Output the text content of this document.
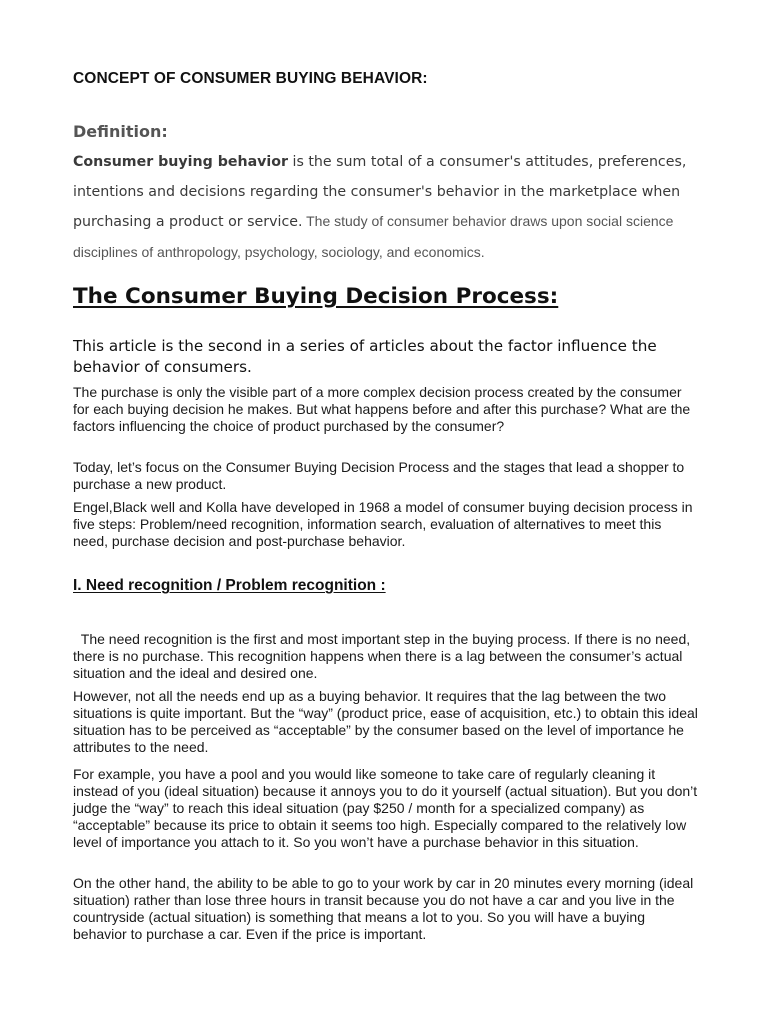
CONCEPT OF CONSUMER BUYING BEHAVIOR:
Definition:

Consumer buying behavior is the sum total of a consumer's attitudes, preferences, intentions and decisions regarding the consumer's behavior in the marketplace when purchasing a product or service. The study of consumer behavior draws upon social science disciplines of anthropology, psychology, sociology, and economics.

The Consumer Buying Decision Process:

This article is the second in a series of articles about the factor influence the behavior of consumers.

The purchase is only the visible part of a more complex decision process created by the consumer for each buying decision he makes. But what happens before and after this purchase? What are the factors influencing the choice of product purchased by the consumer?

Today, let’s focus on the Consumer Buying Decision Process and the stages that lead a shopper to purchase a new product.

Engel,Black well and Kolla have developed in 1968 a model of consumer buying decision process in five steps: Problem/need recognition, information search, evaluation of alternatives to meet this need, purchase decision and post-purchase behavior.

I. Need recognition / Problem recognition :

The need recognition is the first and most important step in the buying process. If there is no need, there is no purchase. This recognition happens when there is a lag between the consumer’s actual situation and the ideal and desired one.

However, not all the needs end up as a buying behavior. It requires that the lag between the two situations is quite important. But the “way” (product price, ease of acquisition, etc.) to obtain this ideal situation has to be perceived as “acceptable” by the consumer based on the level of importance he attributes to the need.

For example, you have a pool and you would like someone to take care of regularly cleaning it instead of you (ideal situation) because it annoys you to do it yourself (actual situation). But you don’t judge the “way” to reach this ideal situation (pay $250 / month for a specialized company) as “acceptable” because its price to obtain it seems too high. Especially compared to the relatively low level of importance you attach to it. So you won’t have a purchase behavior in this situation.

On the other hand, the ability to be able to go to your work by car in 20 minutes every morning (ideal situation) rather than lose three hours in transit because you do not have a car and you live in the countryside (actual situation) is something that means a lot to you. So you will have a buying behavior to purchase a car. Even if the price is important.
